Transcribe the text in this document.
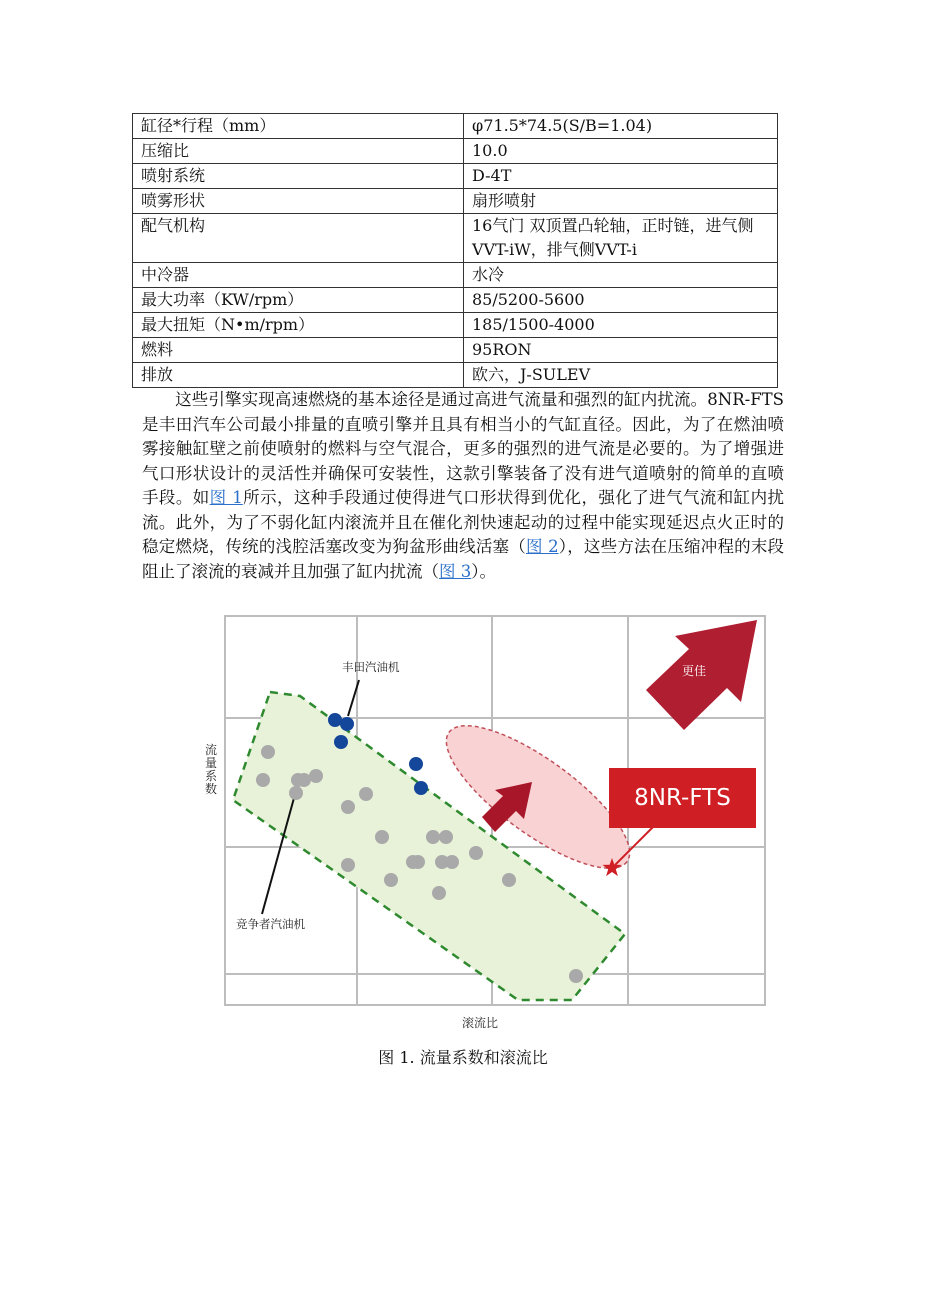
缸径*行程（mm）	φ71.5*74.5(S/B=1.04)
压缩比	10.0
喷射系统	D-4T
喷雾形状	扇形喷射
配气机构	16气门 双顶置凸轮轴，正时链，进气侧VVT-iW，排气侧VVT-i
中冷器	水冷
最大功率（KW/rpm）	85/5200-5600
最大扭矩（N•m/rpm）	185/1500-4000
燃料	95RON
排放	欧六，J-SULEV
这些引擎实现高速燃烧的基本途径是通过高进气流量和强烈的缸内扰流。8NR-FTS 是丰田汽车公司最小排量的直喷引擎并且具有相当小的气缸直径。因此，为了在燃油喷雾接触缸壁之前使喷射的燃料与空气混合，更多的强烈的进气流是必要的。为了增强进气口形状设计的灵活性并确保可安装性，这款引擎装备了没有进气道喷射的简单的直喷手段。如图 1所示，这种手段通过使得进气口形状得到优化，强化了进气气流和缸内扰流。此外，为了不弱化缸内滚流并且在催化剂快速起动的过程中能实现延迟点火正时的稳定燃烧，传统的浅腔活塞改变为狗盆形曲线活塞（图 2），这些方法在压缩冲程的末段阻止了滚流的衰减并且加强了缸内扰流（图 3）。
流量系数
滚流比
丰田汽油机
竞争者汽油机
8NR-FTS
更佳
图 1. 流量系数和滚流比
